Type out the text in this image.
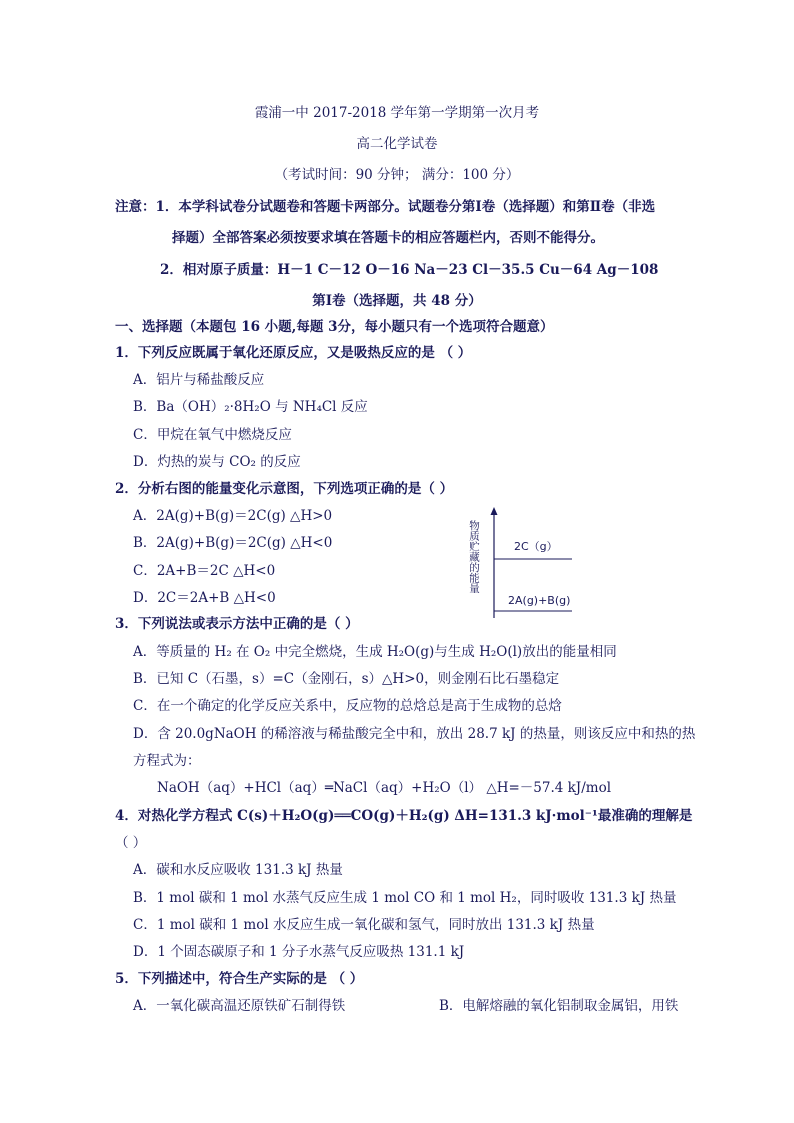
霞浦一中 2017-2018 学年第一学期第一次月考
高二化学试卷
（考试时间：90 分钟； 满分：100 分）
注意：1．本学科试卷分试题卷和答题卡两部分。试题卷分第Ⅰ卷（选择题）和第Ⅱ卷（非选
择题）全部答案必须按要求填在答题卡的相应答题栏内，否则不能得分。
2．相对原子质量：H－1 C－12 O－16 Na－23 Cl－35.5 Cu－64 Ag－108
第Ⅰ卷（选择题，共 48 分）
一、选择题（本题包 16 小题,每题 3分，每小题只有一个选项符合题意）
1．下列反应既属于氧化还原反应，又是吸热反应的是 （ ）
A．铝片与稀盐酸反应
B．Ba（OH）₂·8H₂O 与 NH₄Cl 反应
C．甲烷在氧气中燃烧反应
D．灼热的炭与 CO₂ 的反应
2．分析右图的能量变化示意图，下列选项正确的是（ ）
A．2A(g)+B(g)＝2C(g) △H>0
B．2A(g)+B(g)＝2C(g) △H<0
C．2A+B＝2C △H<0
D．2C＝2A+B △H<0
物质贮藏的能量	2C（g）
2A(g)+B(g)
3．下列说法或表示方法中正确的是（ ）
A．等质量的 H₂ 在 O₂ 中完全燃烧，生成 H₂O(g)与生成 H₂O(l)放出的能量相同
B．已知 C（石墨，s）=C（金刚石，s）△H>0，则金刚石比石墨稳定
C．在一个确定的化学反应关系中，反应物的总焓总是高于生成物的总焓
D．含 20.0gNaOH 的稀溶液与稀盐酸完全中和，放出 28.7 kJ 的热量，则该反应中和热的热
方程式为：
NaOH（aq）+HCl（aq）═NaCl（aq）+H₂O（l） △H=－57.4 kJ/mol
4．对热化学方程式 C(s)＋H₂O(g)══CO(g)＋H₂(g) ΔH=131.3 kJ·mol⁻¹最准确的理解是
（ ）
A．碳和水反应吸收 131.3 kJ 热量
B．1 mol 碳和 1 mol 水蒸气反应生成 1 mol CO 和 1 mol H₂，同时吸收 131.3 kJ 热量
C．1 mol 碳和 1 mol 水反应生成一氧化碳和氢气，同时放出 131.3 kJ 热量
D．1 个固态碳原子和 1 分子水蒸气反应吸热 131.1 kJ
5．下列描述中，符合生产实际的是 （ ）
A．一氧化碳高温还原铁矿石制得铁	B．电解熔融的氧化铝制取金属铝，用铁
